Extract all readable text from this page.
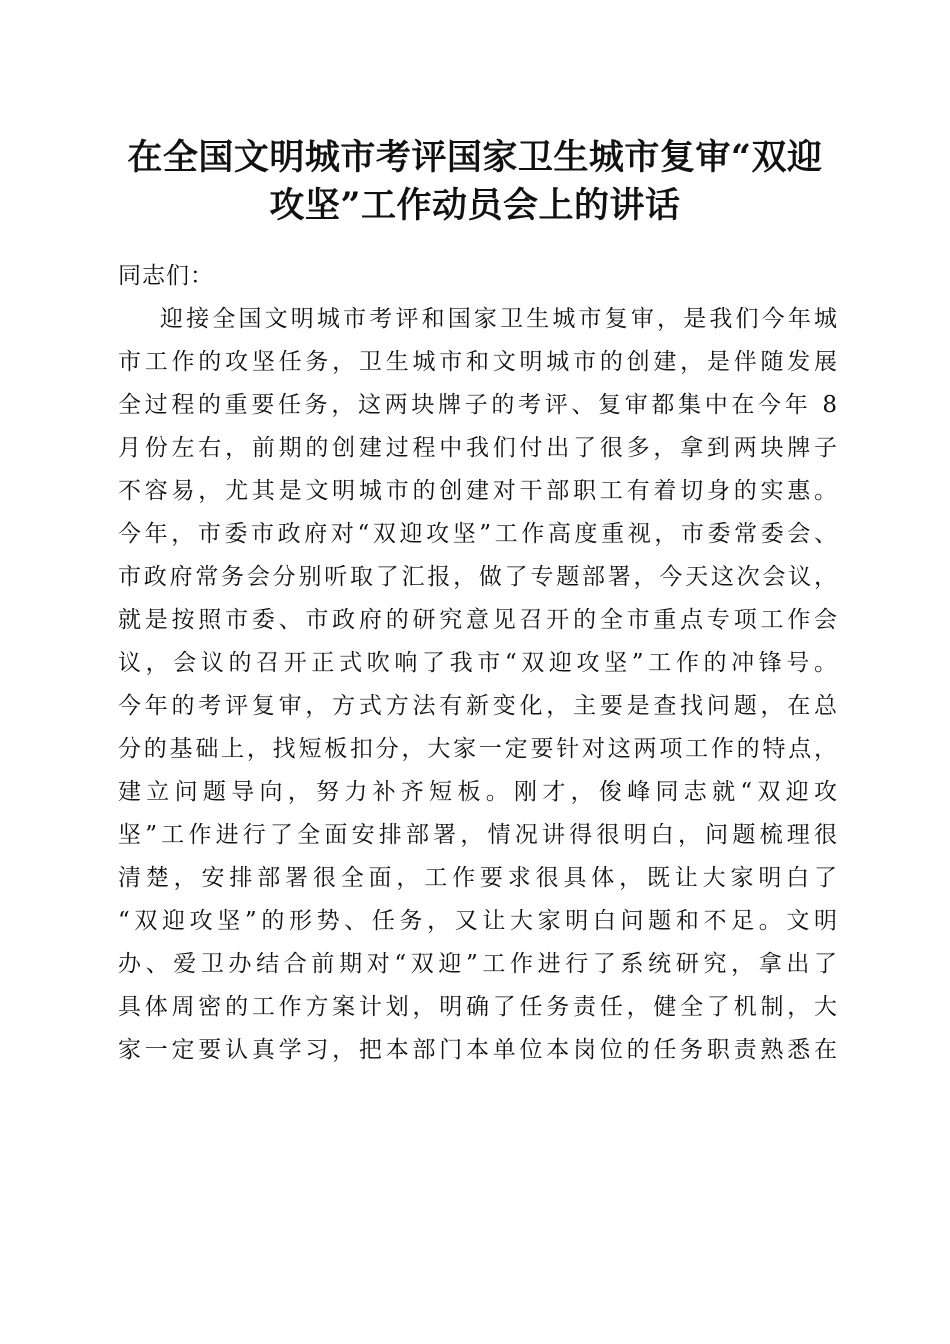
在全国文明城市考评国家卫生城市复审“双迎
攻坚”工作动员会上的讲话
同志们：
迎接全国文明城市考评和国家卫生城市复审，是我们今年城
市工作的攻坚任务，卫生城市和文明城市的创建，是伴随发展
全过程的重要任务，这两块牌子的考评、复审都集中在今年 8
月份左右，前期的创建过程中我们付出了很多，拿到两块牌子
不容易，尤其是文明城市的创建对干部职工有着切身的实惠。
今年，市委市政府对“双迎攻坚”工作高度重视，市委常委会、
市政府常务会分别听取了汇报，做了专题部署，今天这次会议，
就是按照市委、市政府的研究意见召开的全市重点专项工作会
议，会议的召开正式吹响了我市“双迎攻坚”工作的冲锋号。
今年的考评复审，方式方法有新变化，主要是查找问题，在总
分的基础上，找短板扣分，大家一定要针对这两项工作的特点，
建立问题导向，努力补齐短板。刚才，俊峰同志就“双迎攻
坚”工作进行了全面安排部署，情况讲得很明白，问题梳理很
清楚，安排部署很全面，工作要求很具体，既让大家明白了
“双迎攻坚”的形势、任务，又让大家明白问题和不足。文明
办、爱卫办结合前期对“双迎”工作进行了系统研究，拿出了
具体周密的工作方案计划，明确了任务责任，健全了机制，大
家一定要认真学习，把本部门本单位本岗位的任务职责熟悉在
